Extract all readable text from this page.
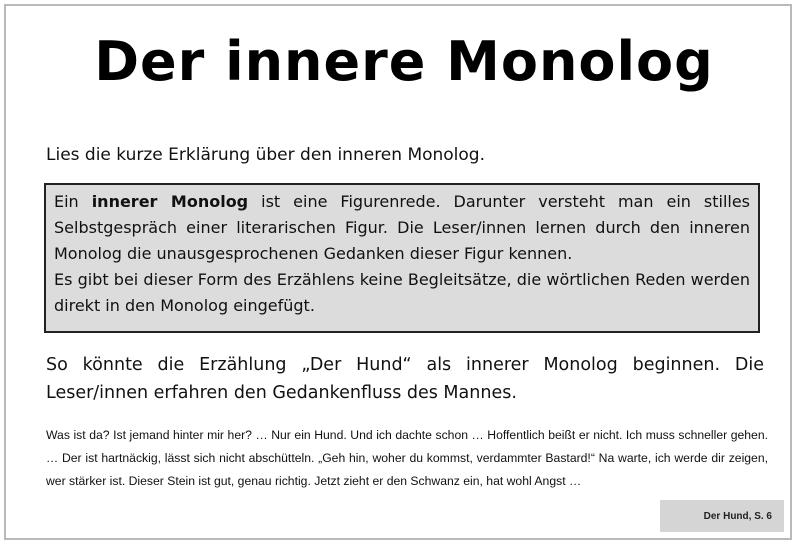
Der innere Monolog
Lies die kurze Erklärung über den inneren Monolog.

Ein innerer Monolog ist eine Figurenrede. Darunter versteht man ein stilles Selbstgespräch einer literarischen Figur. Die Leser/innen lernen durch den inneren Monolog die unausgesprochenen Gedanken dieser Figur kennen.

Es gibt bei dieser Form des Erzählens keine Begleitsätze, die wörtlichen Reden werden direkt in den Monolog eingefügt.

So könnte die Erzählung „Der Hund“ als innerer Monolog beginnen. Die Leser/innen erfahren den Gedankenfluss des Mannes.
Was ist da? Ist jemand hinter mir her? … Nur ein Hund. Und ich dachte schon … Hoffentlich beißt er nicht. Ich muss schneller gehen. … Der ist hartnäckig, lässt sich nicht abschütteln. „Geh hin, woher du kommst, verdammter Bastard!“ Na warte, ich werde dir zeigen, wer stärker ist. Dieser Stein ist gut, genau richtig. Jetzt zieht er den Schwanz ein, hat wohl Angst …
Der Hund, S. 6
